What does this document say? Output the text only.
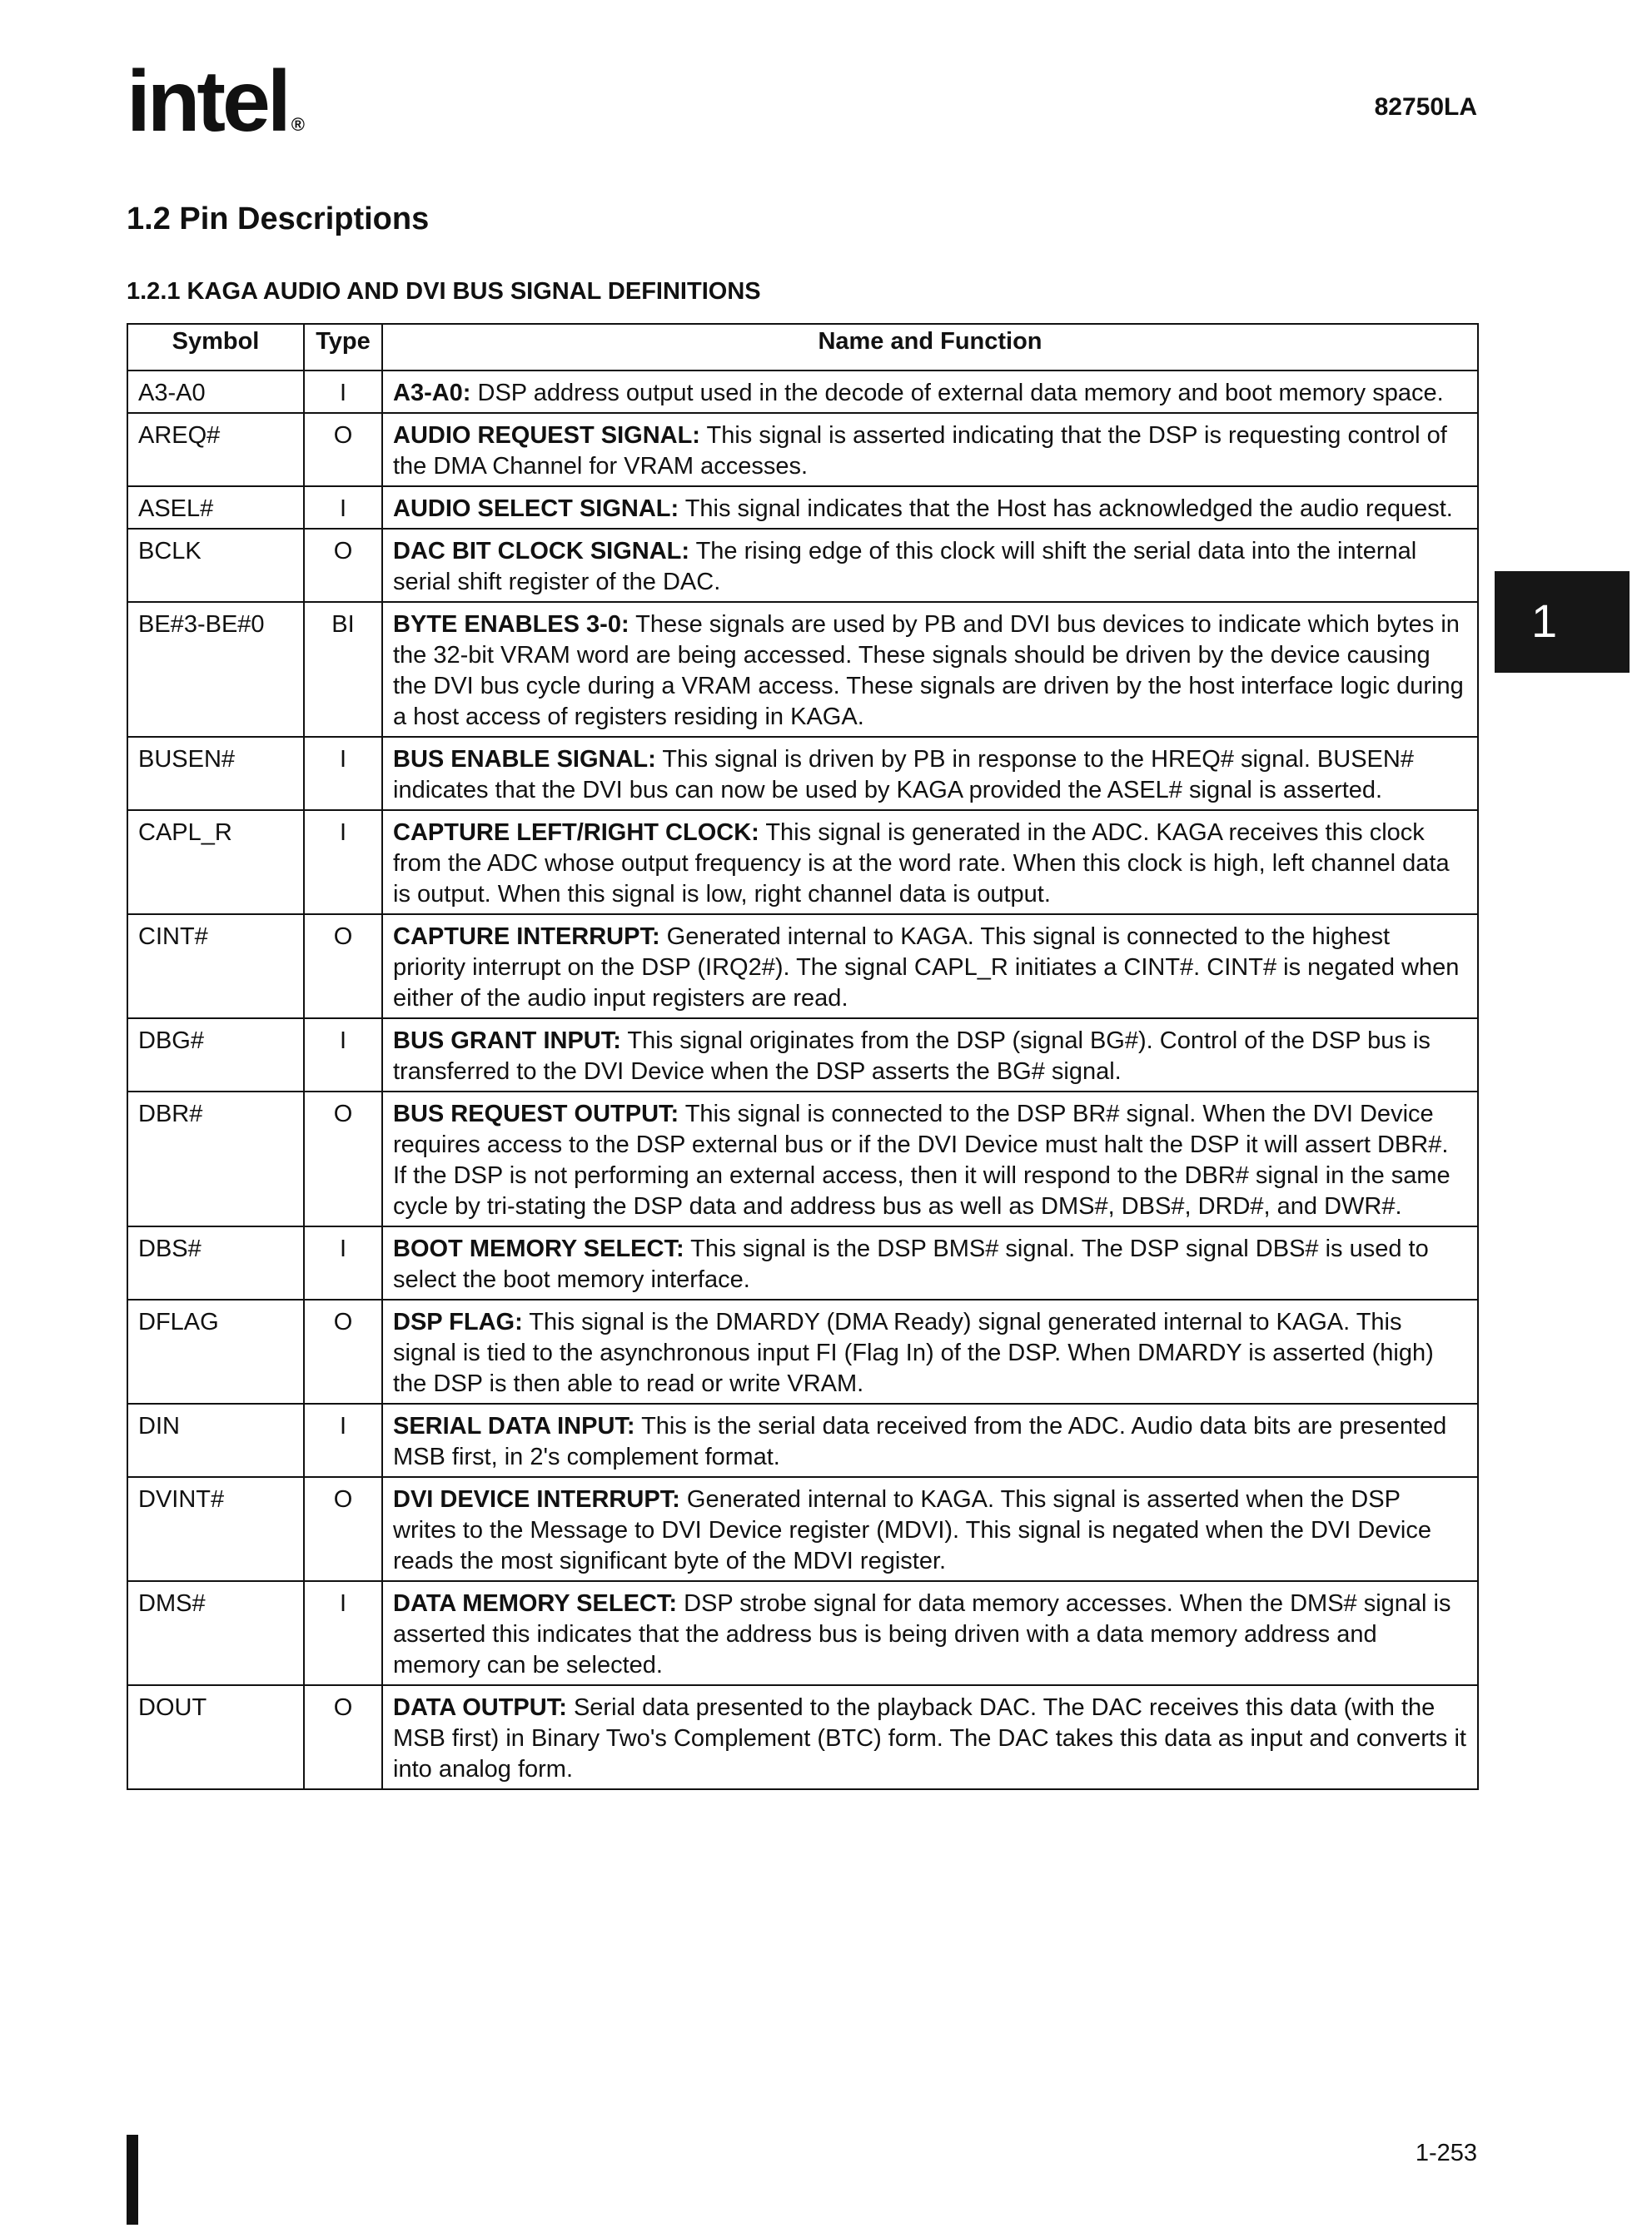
intel ®
82750LA
1.2 Pin Descriptions
1.2.1 KAGA AUDIO AND DVI BUS SIGNAL DEFINITIONS
Symbol	Type	Name and Function
A3-A0	I	A3-A0: DSP address output used in the decode of external data memory and boot memory space.
AREQ#	O	AUDIO REQUEST SIGNAL: This signal is asserted indicating that the DSP is requesting control of the DMA Channel for VRAM accesses.
ASEL#	I	AUDIO SELECT SIGNAL: This signal indicates that the Host has acknowledged the audio request.
BCLK	O	DAC BIT CLOCK SIGNAL: The rising edge of this clock will shift the serial data into the internal serial shift register of the DAC.
BE#3-BE#0	BI	BYTE ENABLES 3-0: These signals are used by PB and DVI bus devices to indicate which bytes in the 32-bit VRAM word are being accessed. These signals should be driven by the device causing the DVI bus cycle during a VRAM access. These signals are driven by the host interface logic during a host access of registers residing in KAGA.
BUSEN#	I	BUS ENABLE SIGNAL: This signal is driven by PB in response to the HREQ# signal. BUSEN# indicates that the DVI bus can now be used by KAGA provided the ASEL# signal is asserted.
CAPL_R	I	CAPTURE LEFT/RIGHT CLOCK: This signal is generated in the ADC. KAGA receives this clock from the ADC whose output frequency is at the word rate. When this clock is high, left channel data is output. When this signal is low, right channel data is output.
CINT#	O	CAPTURE INTERRUPT: Generated internal to KAGA. This signal is connected to the highest priority interrupt on the DSP (IRQ2#). The signal CAPL_R initiates a CINT#. CINT# is negated when either of the audio input registers are read.
DBG#	I	BUS GRANT INPUT: This signal originates from the DSP (signal BG#). Control of the DSP bus is transferred to the DVI Device when the DSP asserts the BG# signal.
DBR#	O	BUS REQUEST OUTPUT: This signal is connected to the DSP BR# signal. When the DVI Device requires access to the DSP external bus or if the DVI Device must halt the DSP it will assert DBR#. If the DSP is not performing an external access, then it will respond to the DBR# signal in the same cycle by tri-stating the DSP data and address bus as well as DMS#, DBS#, DRD#, and DWR#.
DBS#	I	BOOT MEMORY SELECT: This signal is the DSP BMS# signal. The DSP signal DBS# is used to select the boot memory interface.
DFLAG	O	DSP FLAG: This signal is the DMARDY (DMA Ready) signal generated internal to KAGA. This signal is tied to the asynchronous input FI (Flag In) of the DSP. When DMARDY is asserted (high) the DSP is then able to read or write VRAM.
DIN	I	SERIAL DATA INPUT: This is the serial data received from the ADC. Audio data bits are presented MSB first, in 2's complement format.
DVINT#	O	DVI DEVICE INTERRUPT: Generated internal to KAGA. This signal is asserted when the DSP writes to the Message to DVI Device register (MDVI). This signal is negated when the DVI Device reads the most significant byte of the MDVI register.
DMS#	I	DATA MEMORY SELECT: DSP strobe signal for data memory accesses. When the DMS# signal is asserted this indicates that the address bus is being driven with a data memory address and memory can be selected.
DOUT	O	DATA OUTPUT: Serial data presented to the playback DAC. The DAC receives this data (with the MSB first) in Binary Two's Complement (BTC) form. The DAC takes this data as input and converts it into analog form.
1
1-253
